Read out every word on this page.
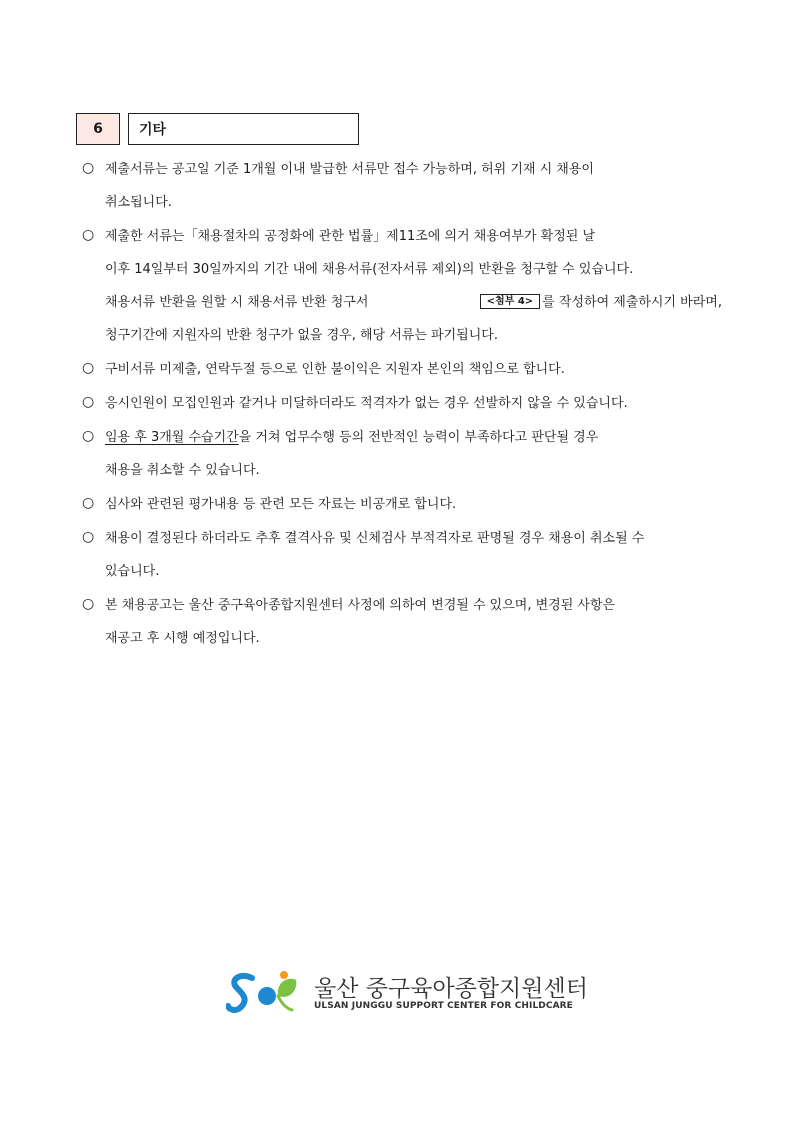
6	기타
○ 제출서류는 공고일 기준 1개월 이내 발급한 서류만 접수 가능하며, 허위 기재 시 채용이
취소됩니다.
○ 제출한 서류는「채용절차의 공정화에 관한 법률」제11조에 의거 채용여부가 확정된 날
이후 14일부터 30일까지의 기간 내에 채용서류(전자서류 제외)의 반환을 청구할 수 있습니다.
채용서류 반환을 원할 시 채용서류 반환 청구서	<첨부 4> 를 작성하여 제출하시기 바라며,
청구기간에 지원자의 반환 청구가 없을 경우, 해당 서류는 파기됩니다.
○ 구비서류 미제출, 연락두절 등으로 인한 불이익은 지원자 본인의 책임으로 합니다.
○ 응시인원이 모집인원과 같거나 미달하더라도 적격자가 없는 경우 선발하지 않을 수 있습니다.
○ 임용 후 3개월 수습기간을 거쳐 업무수행 등의 전반적인 능력이 부족하다고 판단될 경우
채용을 취소할 수 있습니다.
○ 심사와 관련된 평가내용 등 관련 모든 자료는 비공개로 합니다.
○ 채용이 결정된다 하더라도 추후 결격사유 및 신체검사 부적격자로 판명될 경우 채용이 취소될 수
있습니다.
○ 본 채용공고는 울산 중구육아종합지원센터 사정에 의하여 변경될 수 있으며, 변경된 사항은
재공고 후 시행 예정입니다.
울산 중구육아종합지원센터
ULSAN JUNGGU SUPPORT CENTER FOR CHILDCARE
